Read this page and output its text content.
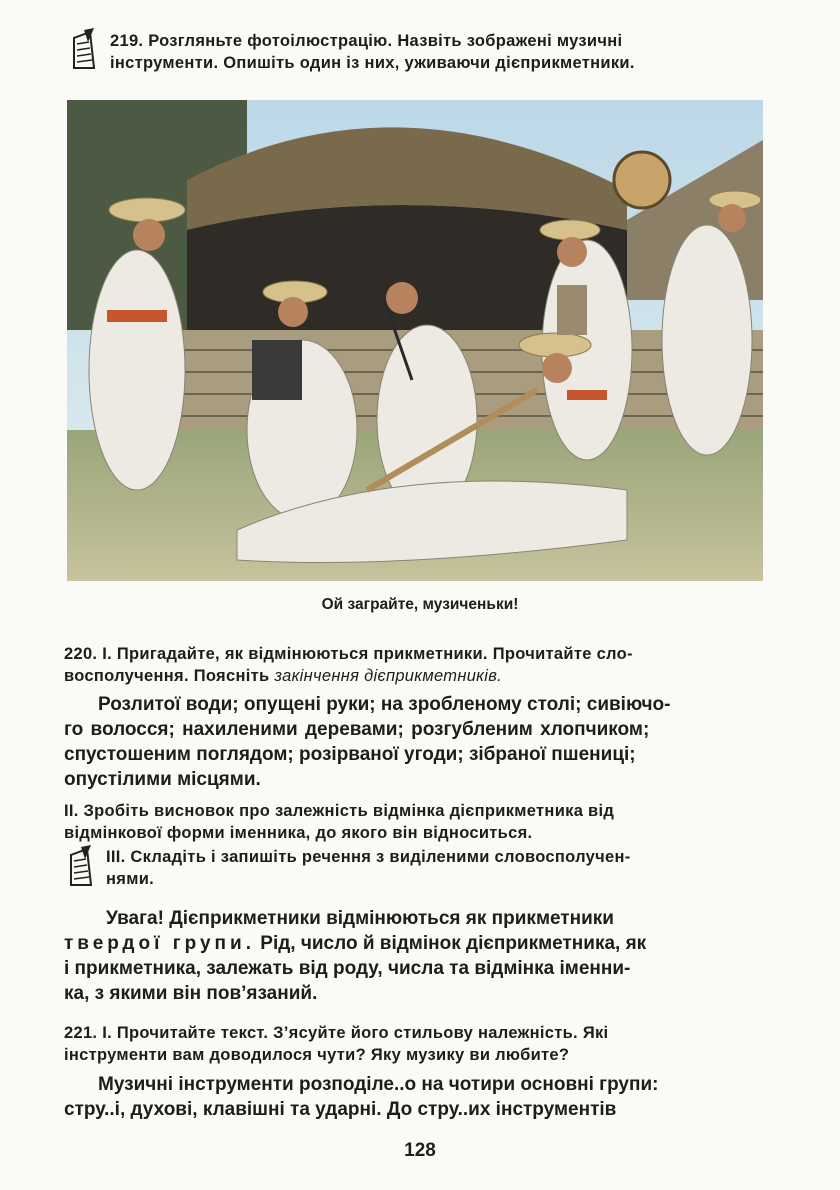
219. Розгляньте фотоілюстрацію. Назвіть зображені музичні
інструменти. Опишіть один із них, уживаючи дієприкметники.
Ой заграйте, музиченьки!
220. І. Пригадайте, як відмінюються прикметники. Прочитайте сло-
восполучення. Поясніть закінчення дієприкметників.
Розлитої води; опущені руки; на зробленому столі; сивіючо-
го волосся; нахиленими деревами; розгубленим хлопчиком;
спустошеним поглядом; розірваної угоди; зібраної пшениці;
опустілими місцями.
ІІ. Зробіть висновок про залежність відмінка дієприкметника від
відмінкової форми іменника, до якого він відноситься.
ІІІ. Складіть і запишіть речення з виділеними словосполучен-
нями.
Увага! Дієприкметники відмінюються як прикметники
твердої групи. Рід, число й відмінок дієприкметника, як
і прикметника, залежать від роду, числа та відмінка іменни-
ка, з якими він пов’язаний.
221. І. Прочитайте текст. З’ясуйте його стильову належність. Які
інструменти вам доводилося чути? Яку музику ви любите?
Музичні інструменти розподіле..о на чотири основні групи:
стру..і, духові, клавішні та ударні. До стру..их інструментів
128
